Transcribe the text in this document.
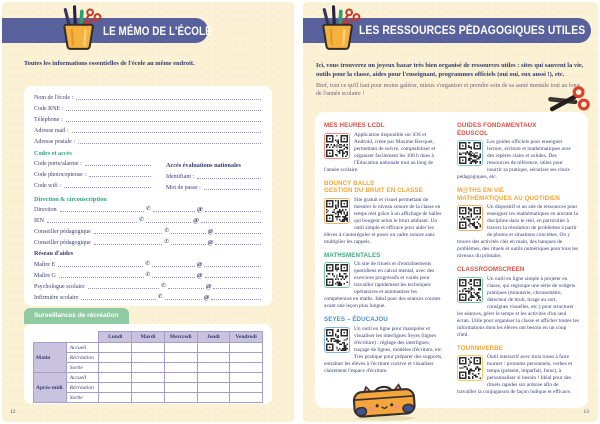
LE MÉMO DE L'ÉCOLE
Toutes les informations essentielles de l'école au même endroit.
Nom de l'école :
Code RNE :
Téléphone :
Adresse mail :
Adresse postale :
Codes et accès
Code porte/alarme :
Code photocopieuse :
Code wifi :
Accès évaluations nationales
Identifiant :
Mot de passe :
Direction & circonscription
Direction	✆	@
IEN	✆	@
Conseiller pédagogique	✆	@
Conseiller pédagogique	✆	@
Réseau d'aides
Maître E	✆	@
Maître G	✆	@
Psychologue scolaire	✆	@
Infirmière scolaire	✆	@
Surveillances de récréation
		Lundi	Mardi	Mercredi	Jeudi	Vendredi
Matin	Accueil					
	Récréation					
	Sortie					
Après-midi	Accueil					
	Récréation					
	Sortie					
12
LES RESSOURCES PÉDAGOGIQUES UTILES
Ici, vous trouverez un joyeux bazar très bien organisé de ressources utiles : sites qui sauvent la vie, outils pour la classe, aides pour l'enseignant, programmes officiels (oui oui, eux aussi !), etc.
Bref, tout ce qu'il faut pour moins galérer, mieux s'organiser et prendre soin de sa santé mentale tout au long de l'année scolaire !
MES HEURES LCDL
Application disponible sur iOS et Android, créée par Maxime Becquet, permettant de suivre, comptabiliser et organiser facilement les 108 h dues à l'Éducation nationale tout au long de l'année scolaire.
BOUNCY BALLS
GESTION DU BRUIT EN CLASSE
Site gratuit et visuel permettant de mesurer le niveau sonore de la classe en temps réel grâce à un affichage de balles qui bougent selon le bruit ambiant. Un outil simple et efficace pour aider les élèves à s'autoréguler et poser un cadre sonore sans multiplier les rappels.
MATHSMENTALES
Un site de rituels et d'entraînements quotidiens en calcul mental, avec des exercices progressifs et variés pour travailler rapidement les techniques opératoires et automatiser les compétences en maths. Idéal pour des séances courtes avant une leçon plus longue.
SEYES – ÉDUCAJOU
Un outil en ligne pour manipuler et visualiser les interlignes Seyes (lignes d'écriture) : réglage des interlignes, traçage de lignes, modèles d'écriture, etc. Très pratique pour préparer des supports, entraîner les élèves à l'écriture cursive et visualiser clairement l'espace d'écriture.
GUIDES FONDAMENTAUX
ÉDUSCOL
Les guides officiels pour enseigner lecture, écriture et mathématiques avec des repères clairs et solides. Des ressources de référence, utiles pour nourrir sa pratique, sécuriser ses choix pédagogiques, etc.
M@THS EN-VIE
MATHÉMATIQUES AU QUOTIDIEN
Un dispositif et un site de ressources pour enseigner les mathématiques en ancrant la discipline dans le réel, en particulier à travers la résolution de problèmes à partir de photos et situations concrètes. On y trouve des activités clés en main, des banques de problèmes, des rituels et outils numériques pour tous les niveaux du primaire.
CLASSROOMSCREEN
Un outil en ligne simple à projeter en classe, qui regroupe une série de widgets pratiques (minuterie, chronomètre, détecteur de bruit, tirage au sort, consignes visuelles, etc.) pour structurer les séances, gérer le temps et les activités d'un seul écran. Utile pour organiser la classe et afficher toutes les informations dont les élèves ont besoin en un coup d'œil.
TOURNIVERBE
Outil interactif avec trois roues à faire tourner : pronoms personnels, verbes et temps (présent, imparfait, futur), à personnaliser si besoin ! Idéal pour des rituels rapides sur ardoise afin de travailler la conjugaison de façon ludique et efficace.
13
